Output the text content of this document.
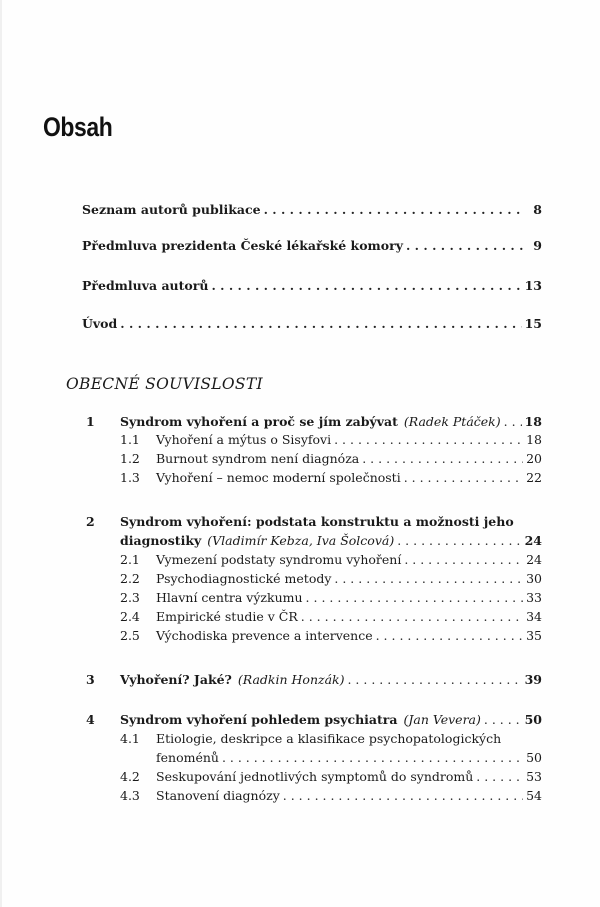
Obsah
Seznam autorů publikace . . .	8
Předmluva prezidenta České lékařské komory . . .	9
Předmluva autorů . . .	13
Úvod . . .	15
OBECNÉ SOUVISLOSTI
1 Syndrom vyhoření a proč se jím zabývat (Radek Ptáček) . . . 18
1.1 Vyhoření a mýtus o Sisyfovi . . .	18
1.2 Burnout syndrom není diagnóza . . .	20
1.3 Vyhoření – nemoc moderní společnosti . . .	22
2 Syndrom vyhoření: podstata konstruktu a možnosti jeho
diagnostiky (Vladimír Kebza, Iva Šolcová) . . .	24
2.1 Vymezení podstaty syndromu vyhoření . . .	24
2.2 Psychodiagnostické metody . . .	30
2.3 Hlavní centra výzkumu . . .	33
2.4 Empirické studie v ČR . . .	34
2.5 Východiska prevence a intervence . . .	35
3 Vyhoření? Jaké? (Radkin Honzák) . . .	39
4 Syndrom vyhoření pohledem psychiatra (Jan Vevera) . . .	50
4.1 Etiologie, deskripce a klasifikace psychopatologických
fenoménů . . .	50
4.2 Seskupování jednotlivých symptomů do syndromů . . .	53
4.3 Stanovení diagnózy . . .	54
